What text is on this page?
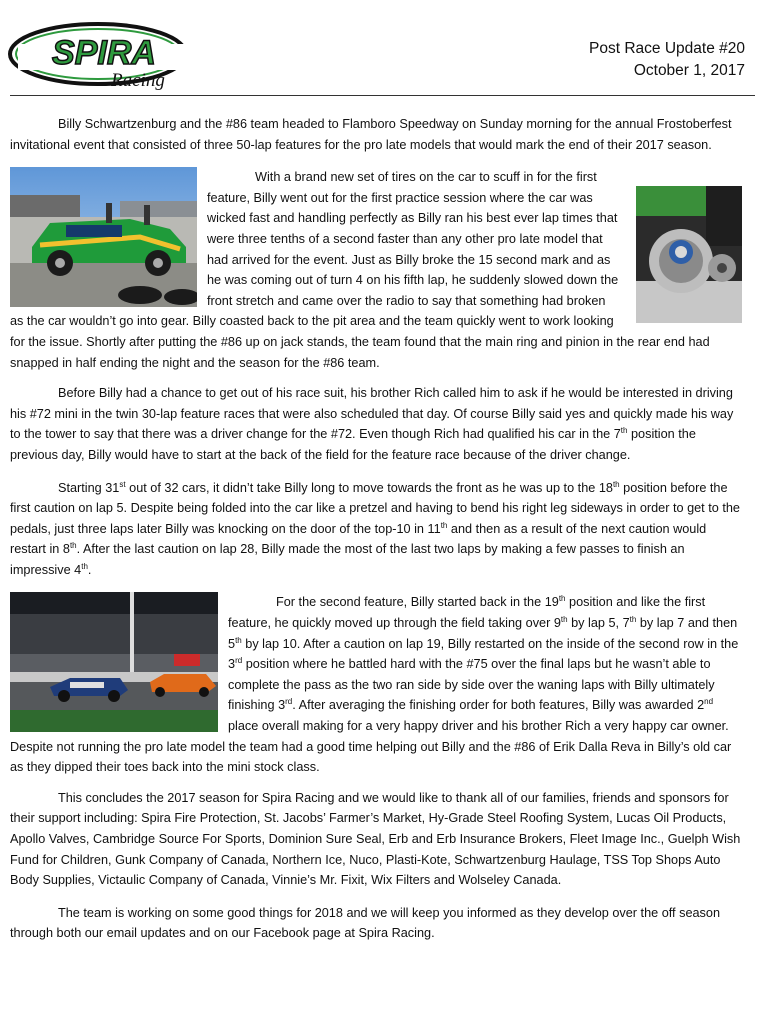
SPIRA
Racing
Post Race Update #20
October 1, 2017

Billy Schwartzenburg and the #86 team headed to Flamboro Speedway on Sunday morning for the annual Frostoberfest invitational event that consisted of three 50-lap features for the pro late models that would mark the end of their 2017 season.

With a brand new set of tires on the car to scuff in for the first feature, Billy went out for the first practice session where the car was wicked fast and handling perfectly as Billy ran his best ever lap times that were three tenths of a second faster than any other pro late model that had arrived for the event. Just as Billy broke the 15 second mark and as he was coming out of turn 4 on his fifth lap, he suddenly slowed down the front stretch and came over the radio to say that something had broken as the car wouldn’t go into gear. Billy coasted back to the pit area and the team quickly went to work looking for the issue. Shortly after putting the #86 up on jack stands, the team found that the main ring and pinion in the rear end had snapped in half ending the night and the season for the #86 team.

Before Billy had a chance to get out of his race suit, his brother Rich called him to ask if he would be interested in driving his #72 mini in the twin 30-lap feature races that were also scheduled that day. Of course Billy said yes and quickly made his way to the tower to say that there was a driver change for the #72. Even though Rich had qualified his car in the 7th position the previous day, Billy would have to start at the back of the field for the feature race because of the driver change.

Starting 31st out of 32 cars, it didn’t take Billy long to move towards the front as he was up to the 18th position before the first caution on lap 5. Despite being folded into the car like a pretzel and having to bend his right leg sideways in order to get to the pedals, just three laps later Billy was knocking on the door of the top-10 in 11th and then as a result of the next caution would restart in 8th. After the last caution on lap 28, Billy made the most of the last two laps by making a few passes to finish an impressive 4th.

For the second feature, Billy started back in the 19th position and like the first feature, he quickly moved up through the field taking over 9th by lap 5, 7th by lap 7 and then 5th by lap 10. After a caution on lap 19, Billy restarted on the inside of the second row in the 3rd position where he battled hard with the #75 over the final laps but he wasn’t able to complete the pass as the two ran side by side over the waning laps with Billy ultimately finishing 3rd. After averaging the finishing order for both features, Billy was awarded 2nd place overall making for a very happy driver and his brother Rich a very happy car owner. Despite not running the pro late model the team had a good time helping out Billy and the #86 of Erik Dalla Reva in Billy’s old car as they dipped their toes back into the mini stock class.

This concludes the 2017 season for Spira Racing and we would like to thank all of our families, friends and sponsors for their support including: Spira Fire Protection, St. Jacobs’ Farmer’s Market, Hy-Grade Steel Roofing System, Lucas Oil Products, Apollo Valves, Cambridge Source For Sports, Dominion Sure Seal, Erb and Erb Insurance Brokers, Fleet Image Inc., Guelph Wish Fund for Children, Gunk Company of Canada, Northern Ice, Nuco, Plasti-Kote, Schwartzenburg Haulage, TSS Top Shops Auto Body Supplies, Victaulic Company of Canada, Vinnie’s Mr. Fixit, Wix Filters and Wolseley Canada.

The team is working on some good things for 2018 and we will keep you informed as they develop over the off season through both our email updates and on our Facebook page at Spira Racing.
